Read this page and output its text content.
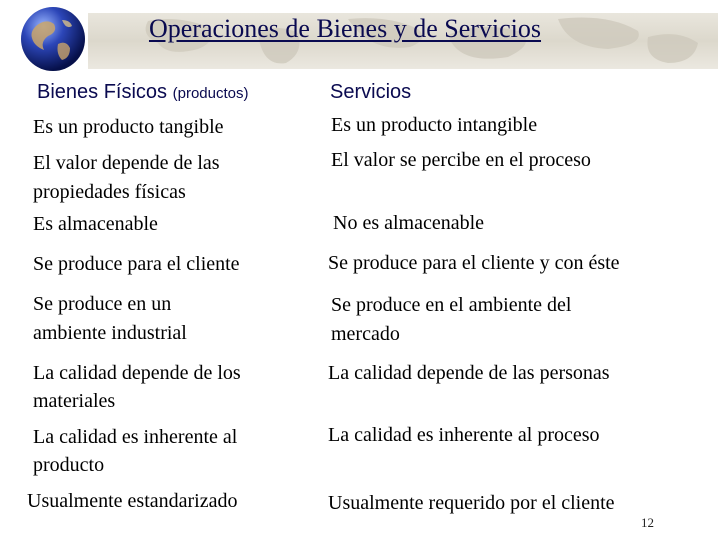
Operaciones de Bienes y de Servicios
Bienes Físicos (productos)	Servicios
Es un producto tangible
El valor depende de las
propiedades físicas
Es almacenable
Se produce para el cliente
Se produce en un
ambiente industrial
La calidad depende de los
materiales
La calidad es inherente al
producto
Usualmente estandarizado
Es un producto intangible
El valor se percibe en el proceso
No es almacenable
Se produce para el cliente y con éste
Se produce en el ambiente del
mercado
La calidad depende de las personas
La calidad es inherente al proceso
Usualmente requerido por el cliente
12
